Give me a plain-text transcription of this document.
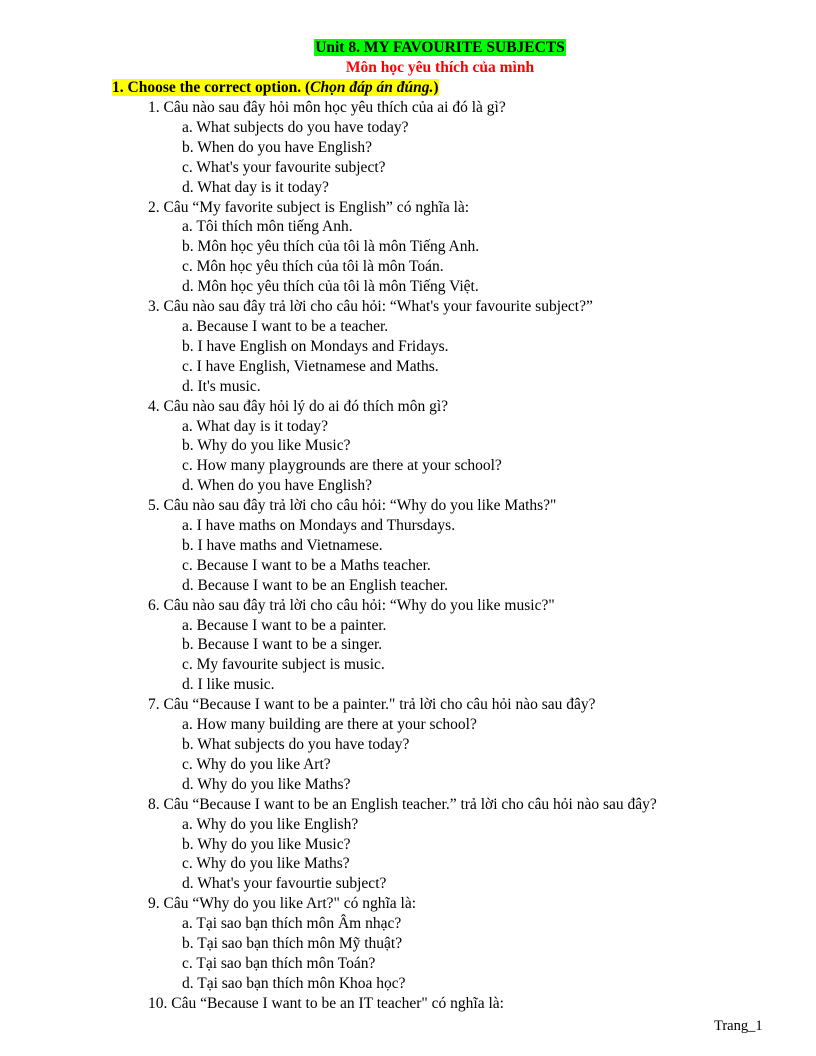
Unit 8. MY FAVOURITE SUBJECTS
Môn học yêu thích của mình
1. Choose the correct option. (Chọn đáp án đúng.)
1. Câu nào sau đây hỏi môn học yêu thích của ai đó là gì?
a. What subjects do you have today?
b. When do you have English?
c. What's your favourite subject?
d. What day is it today?
2. Câu “My favorite subject is English” có nghĩa là:
a. Tôi thích môn tiếng Anh.
b. Môn học yêu thích của tôi là môn Tiếng Anh.
c. Môn học yêu thích của tôi là môn Toán.
d. Môn học yêu thích của tôi là môn Tiếng Việt.
3. Câu nào sau đây trả lời cho câu hỏi: “What's your favourite subject?”
a. Because I want to be a teacher.
b. I have English on Mondays and Fridays.
c. I have English, Vietnamese and Maths.
d. It's music.
4. Câu nào sau đây hỏi lý do ai đó thích môn gì?
a. What day is it today?
b. Why do you like Music?
c. How many playgrounds are there at your school?
d. When do you have English?
5. Câu nào sau đây trả lời cho câu hỏi: “Why do you like Maths?"
a. I have maths on Mondays and Thursdays.
b. I have maths and Vietnamese.
c. Because I want to be a Maths teacher.
d. Because I want to be an English teacher.
6. Câu nào sau đây trả lời cho câu hỏi: “Why do you like music?"
a. Because I want to be a painter.
b. Because I want to be a singer.
c. My favourite subject is music.
d. I like music.
7. Câu “Because I want to be a painter." trả lời cho câu hỏi nào sau đây?
a. How many building are there at your school?
b. What subjects do you have today?
c. Why do you like Art?
d. Why do you like Maths?
8. Câu “Because I want to be an English teacher.” trả lời cho câu hỏi nào sau đây?
a. Why do you like English?
b. Why do you like Music?
c. Why do you like Maths?
d. What's your favourtie subject?
9. Câu “Why do you like Art?" có nghĩa là:
a. Tại sao bạn thích môn Âm nhạc?
b. Tại sao bạn thích môn Mỹ thuật?
c. Tại sao bạn thích môn Toán?
d. Tại sao bạn thích môn Khoa học?
10. Câu “Because I want to be an IT teacher" có nghĩa là:
Trang_1
